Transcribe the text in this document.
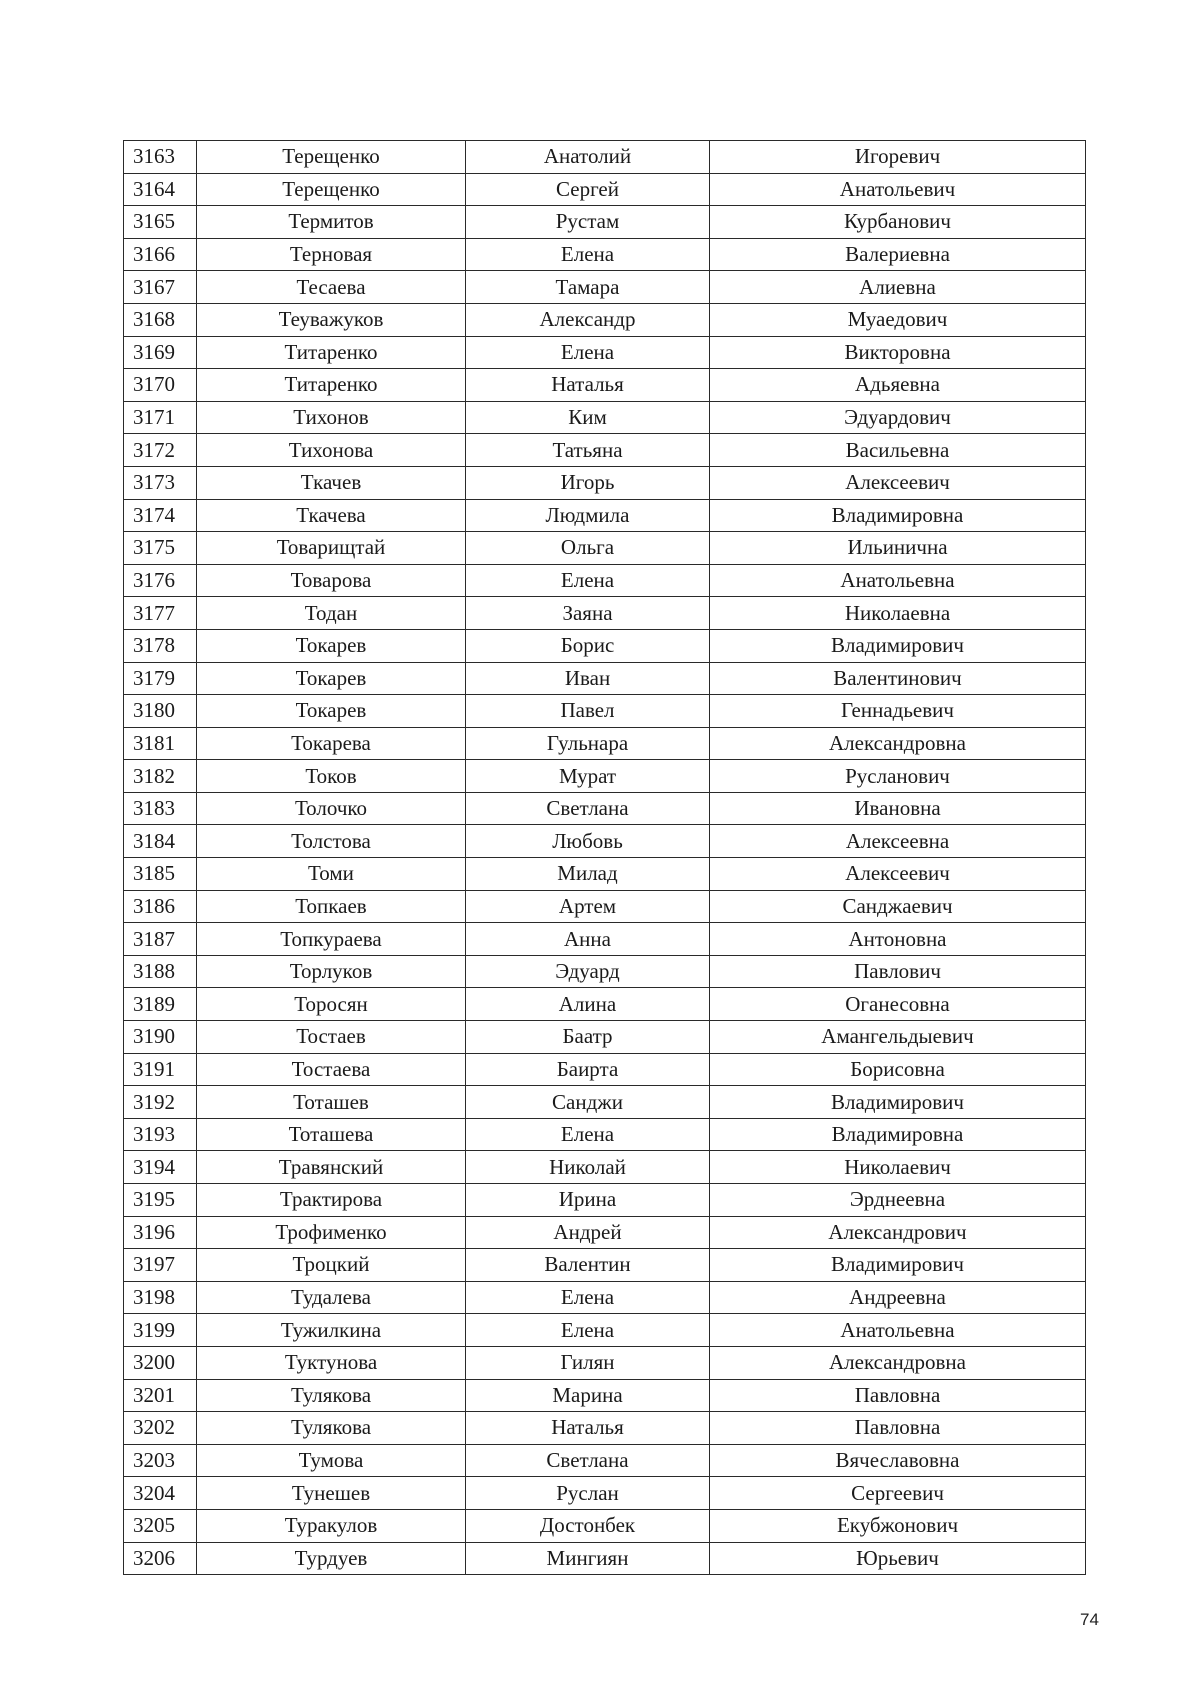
3163	Терещенко	Анатолий	Игоревич
3164	Терещенко	Сергей	Анатольевич
3165	Термитов	Рустам	Курбанович
3166	Терновая	Елена	Валериевна
3167	Тесаева	Тамара	Алиевна
3168	Теуважуков	Александр	Муаедович
3169	Титаренко	Елена	Викторовна
3170	Титаренко	Наталья	Адьяевна
3171	Тихонов	Ким	Эдуардович
3172	Тихонова	Татьяна	Васильевна
3173	Ткачев	Игорь	Алексеевич
3174	Ткачева	Людмила	Владимировна
3175	Товарищтай	Ольга	Ильинична
3176	Товарова	Елена	Анатольевна
3177	Тодан	Заяна	Николаевна
3178	Токарев	Борис	Владимирович
3179	Токарев	Иван	Валентинович
3180	Токарев	Павел	Геннадьевич
3181	Токарева	Гульнара	Александровна
3182	Токов	Мурат	Русланович
3183	Толочко	Светлана	Ивановна
3184	Толстова	Любовь	Алексеевна
3185	Томи	Милад	Алексеевич
3186	Топкаев	Артем	Санджаевич
3187	Топкураева	Анна	Антоновна
3188	Торлуков	Эдуард	Павлович
3189	Торосян	Алина	Оганесовна
3190	Тостаев	Баатр	Амангельдыевич
3191	Тостаева	Баирта	Борисовна
3192	Тоташев	Санджи	Владимирович
3193	Тоташева	Елена	Владимировна
3194	Травянский	Николай	Николаевич
3195	Трактирова	Ирина	Эрднеевна
3196	Трофименко	Андрей	Александрович
3197	Троцкий	Валентин	Владимирович
3198	Тудалева	Елена	Андреевна
3199	Тужилкина	Елена	Анатольевна
3200	Туктунова	Гилян	Александровна
3201	Тулякова	Марина	Павловна
3202	Тулякова	Наталья	Павловна
3203	Тумова	Светлана	Вячеславовна
3204	Тунешев	Руслан	Сергеевич
3205	Туракулов	Достонбек	Екубжонович
3206	Турдуев	Мингиян	Юрьевич
74
